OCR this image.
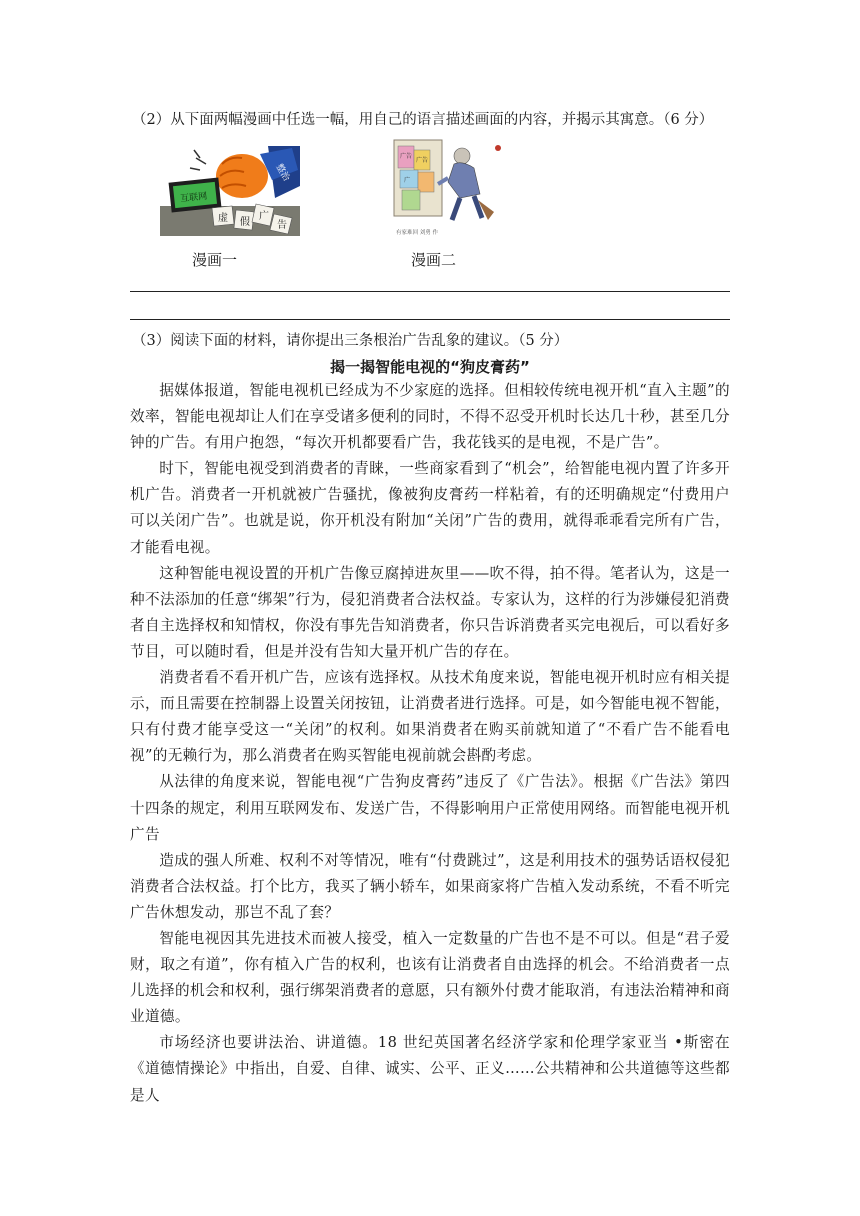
（2）从下面两幅漫画中任选一幅，用自己的语言描述画面的内容，并揭示其寓意。（6 分）
整治
互联网
虚 假
广
告
广告
广告
广
有家难回 刘勇 作
漫画一	漫画二
（3）阅读下面的材料，请你提出三条根治广告乱象的建议。（5 分）
揭一揭智能电视的“狗皮膏药”

据媒体报道，智能电视机已经成为不少家庭的选择。但相较传统电视开机“直入主题”的效率，智能电视却让人们在享受诸多便利的同时，不得不忍受开机时长达几十秒，甚至几分钟的广告。有用户抱怨，“每次开机都要看广告，我花钱买的是电视，不是广告”。

时下，智能电视受到消费者的青睐，一些商家看到了“机会”，给智能电视内置了许多开机广告。消费者一开机就被广告骚扰，像被狗皮膏药一样粘着，有的还明确规定“付费用户可以关闭广告”。也就是说，你开机没有附加“关闭”广告的费用，就得乖乖看完所有广告，才能看电视。

这种智能电视设置的开机广告像豆腐掉进灰里——吹不得，拍不得。笔者认为，这是一种不法添加的任意“绑架”行为，侵犯消费者合法权益。专家认为，这样的行为涉嫌侵犯消费者自主选择权和知情权，你没有事先告知消费者，你只告诉消费者买完电视后，可以看好多节目，可以随时看，但是并没有告知大量开机广告的存在。

消费者看不看开机广告，应该有选择权。从技术角度来说，智能电视开机时应有相关提示，而且需要在控制器上设置关闭按钮，让消费者进行选择。可是，如今智能电视不智能，只有付费才能享受这一“关闭”的权利。如果消费者在购买前就知道了“不看广告不能看电视”的无赖行为，那么消费者在购买智能电视前就会斟酌考虑。

从法律的角度来说，智能电视“广告狗皮膏药”违反了《广告法》。根据《广告法》第四十四条的规定，利用互联网发布、发送广告，不得影响用户正常使用网络。而智能电视开机广告

造成的强人所难、权利不对等情况，唯有“付费跳过”，这是利用技术的强势话语权侵犯消费者合法权益。打个比方，我买了辆小轿车，如果商家将广告植入发动系统，不看不听完广告休想发动，那岂不乱了套？

智能电视因其先进技术而被人接受，植入一定数量的广告也不是不可以。但是“君子爱财，取之有道”，你有植入广告的权利，也该有让消费者自由选择的机会。不给消费者一点儿选择的机会和权利，强行绑架消费者的意愿，只有额外付费才能取消，有违法治精神和商业道德。

市场经济也要讲法治、讲道德。18 世纪英国著名经济学家和伦理学家亚当 •斯密在《道德情操论》中指出，自爱、自律、诚实、公平、正义……公共精神和公共道德等这些都是人
